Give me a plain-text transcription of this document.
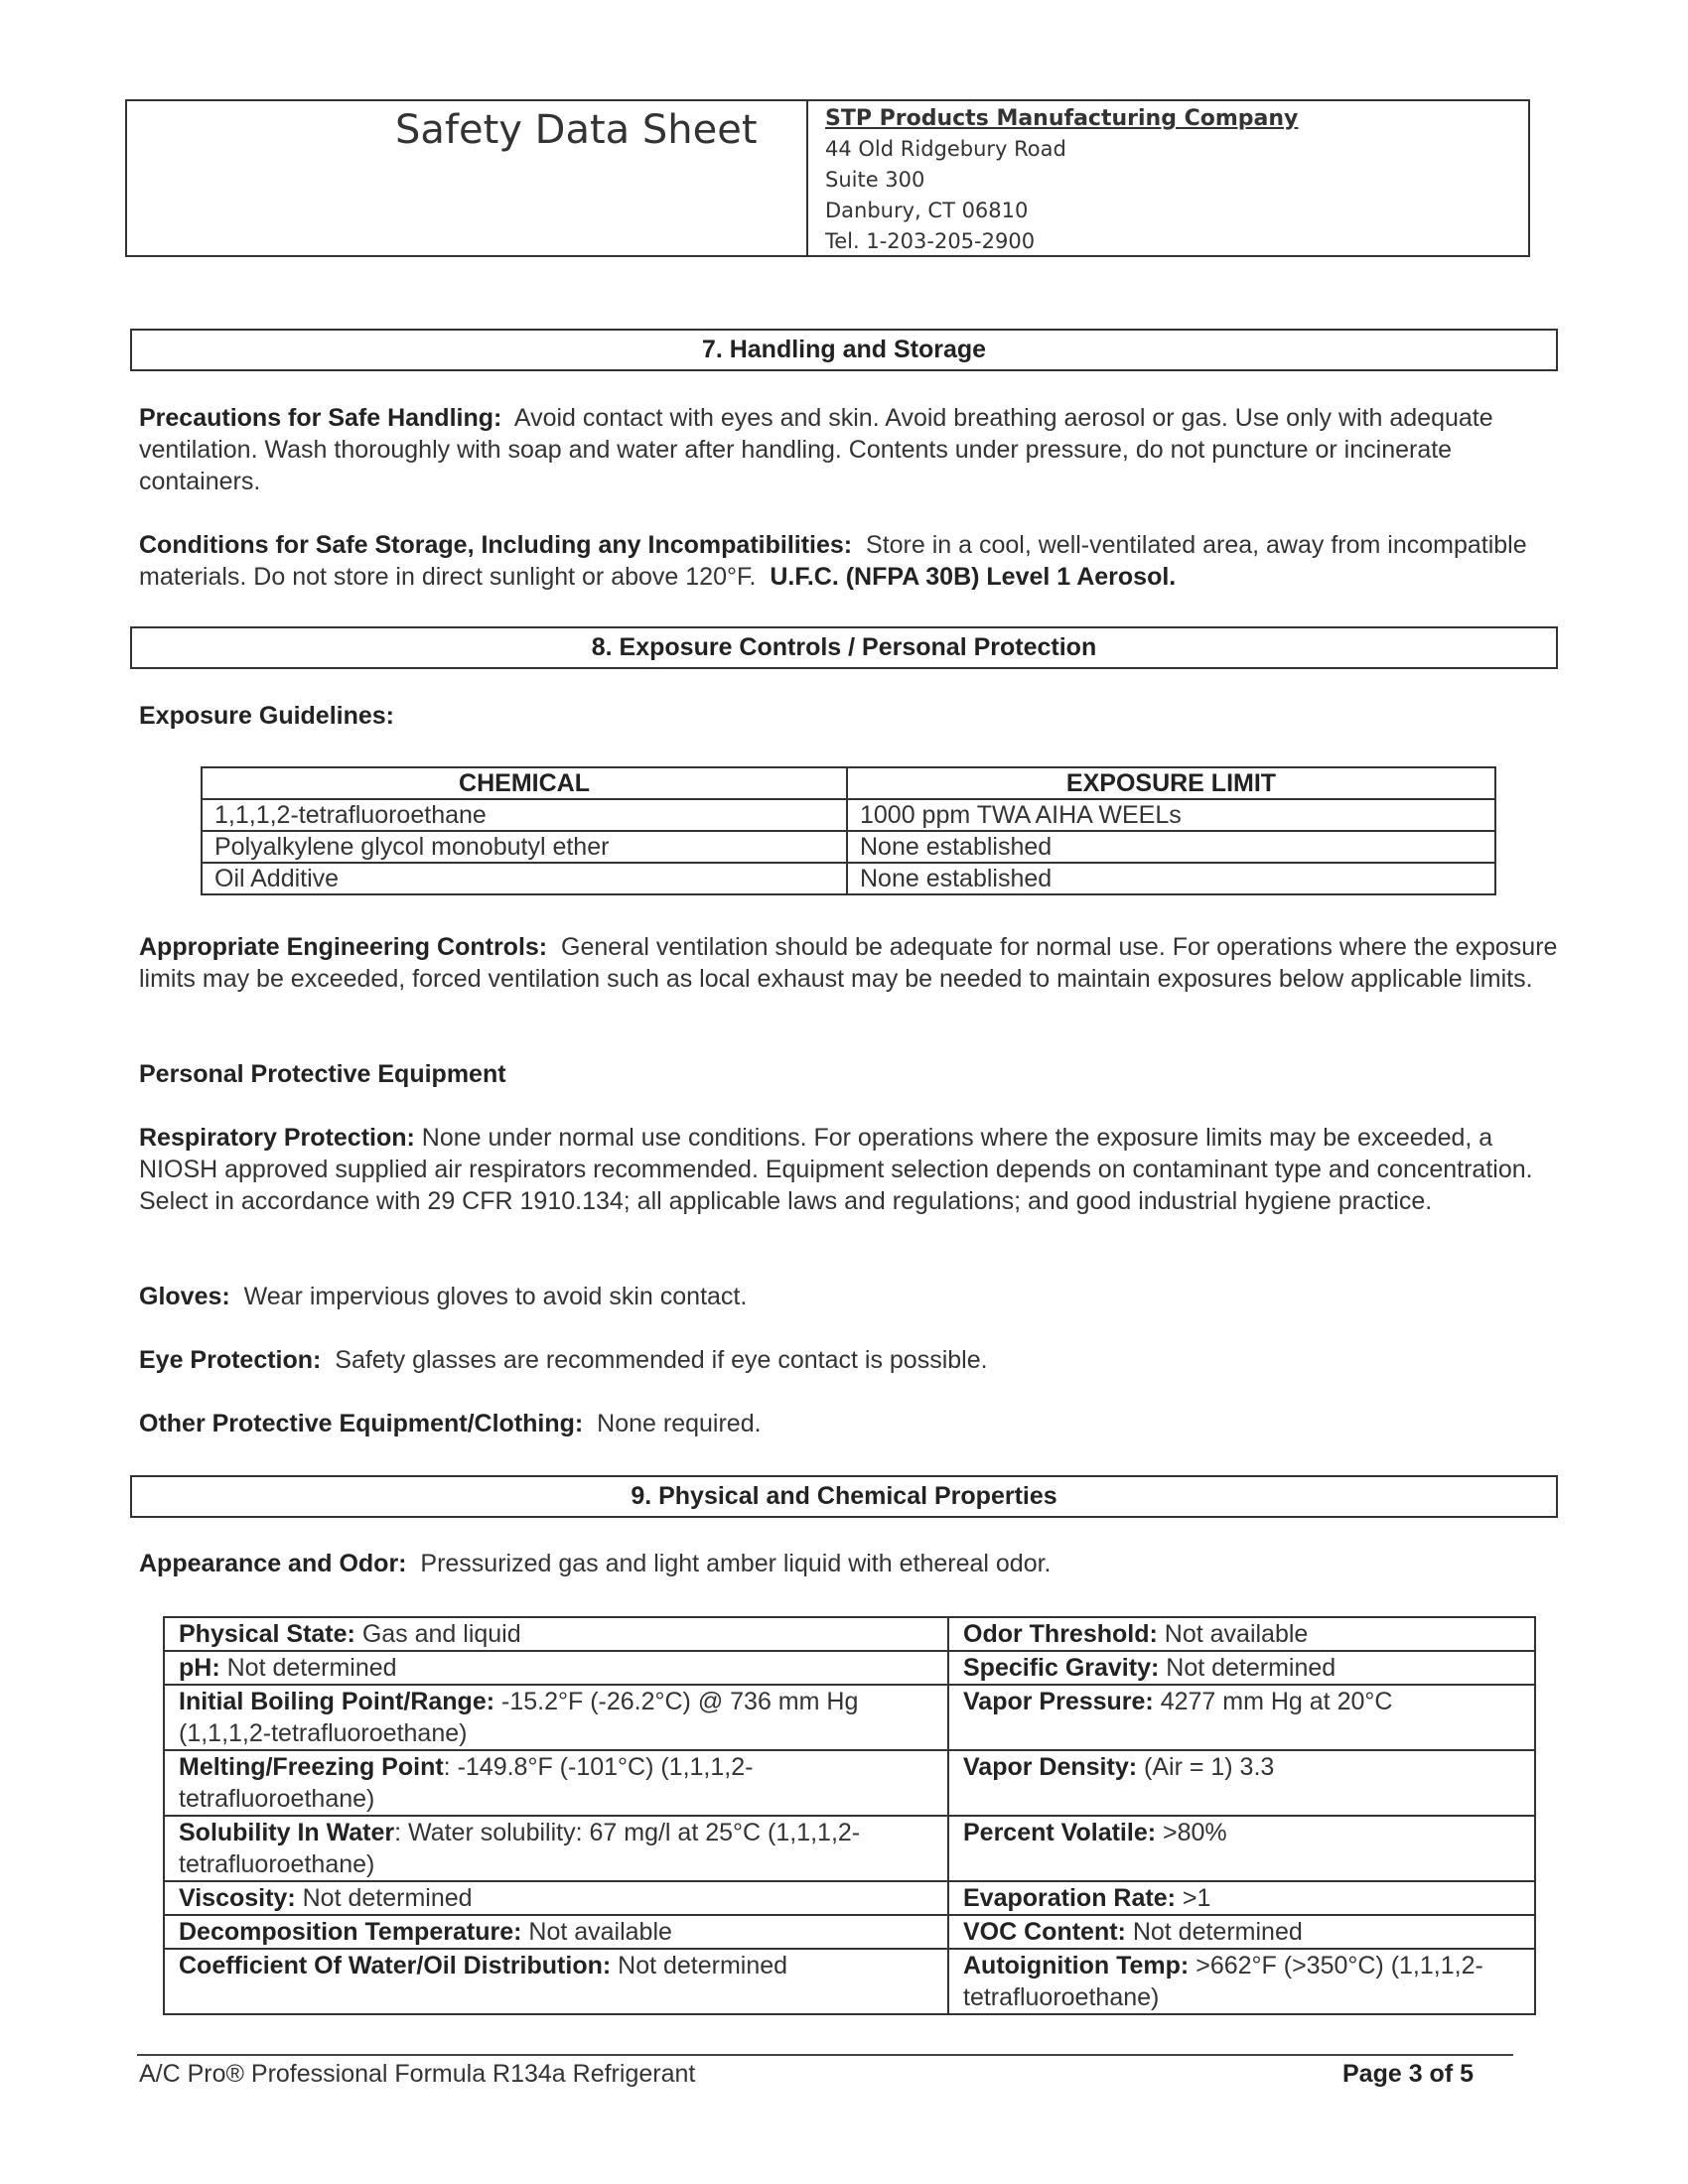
Safety Data Sheet	STP Products Manufacturing Company
44 Old Ridgebury Road
Suite 300
Danbury, CT 06810
Tel. 1-203-205-2900
7. Handling and Storage
Precautions for Safe Handling: Avoid contact with eyes and skin. Avoid breathing aerosol or gas. Use only with adequate ventilation. Wash thoroughly with soap and water after handling. Contents under pressure, do not puncture or incinerate containers.
Conditions for Safe Storage, Including any Incompatibilities: Store in a cool, well-ventilated area, away from incompatible materials. Do not store in direct sunlight or above 120°F. U.F.C. (NFPA 30B) Level 1 Aerosol.
8. Exposure Controls / Personal Protection
Exposure Guidelines:
CHEMICAL	EXPOSURE LIMIT
1,1,1,2-tetrafluoroethane	1000 ppm TWA AIHA WEELs
Polyalkylene glycol monobutyl ether	None established
Oil Additive	None established
Appropriate Engineering Controls: General ventilation should be adequate for normal use. For operations where the exposure limits may be exceeded, forced ventilation such as local exhaust may be needed to maintain exposures below applicable limits.
Personal Protective Equipment
Respiratory Protection: None under normal use conditions. For operations where the exposure limits may be exceeded, a NIOSH approved supplied air respirators recommended. Equipment selection depends on contaminant type and concentration. Select in accordance with 29 CFR 1910.134; all applicable laws and regulations; and good industrial hygiene practice.
Gloves: Wear impervious gloves to avoid skin contact.
Eye Protection: Safety glasses are recommended if eye contact is possible.
Other Protective Equipment/Clothing: None required.
9. Physical and Chemical Properties
Appearance and Odor: Pressurized gas and light amber liquid with ethereal odor.
Physical State: Gas and liquid	Odor Threshold: Not available
pH: Not determined	Specific Gravity: Not determined
Initial Boiling Point/Range: -15.2°F (-26.2°C) @ 736 mm Hg (1,1,1,2-tetrafluoroethane)	Vapor Pressure: 4277 mm Hg at 20°C
Melting/Freezing Point: -149.8°F (-101°C) (1,1,1,2-tetrafluoroethane)	Vapor Density: (Air = 1) 3.3
Solubility In Water: Water solubility: 67 mg/l at 25°C (1,1,1,2-tetrafluoroethane)	Percent Volatile: >80%
Viscosity: Not determined	Evaporation Rate: >1
Decomposition Temperature: Not available	VOC Content: Not determined
Coefficient Of Water/Oil Distribution: Not determined	Autoignition Temp: >662°F (>350°C) (1,1,1,2-tetrafluoroethane)
A/C Pro® Professional Formula R134a Refrigerant	Page 3 of 5
